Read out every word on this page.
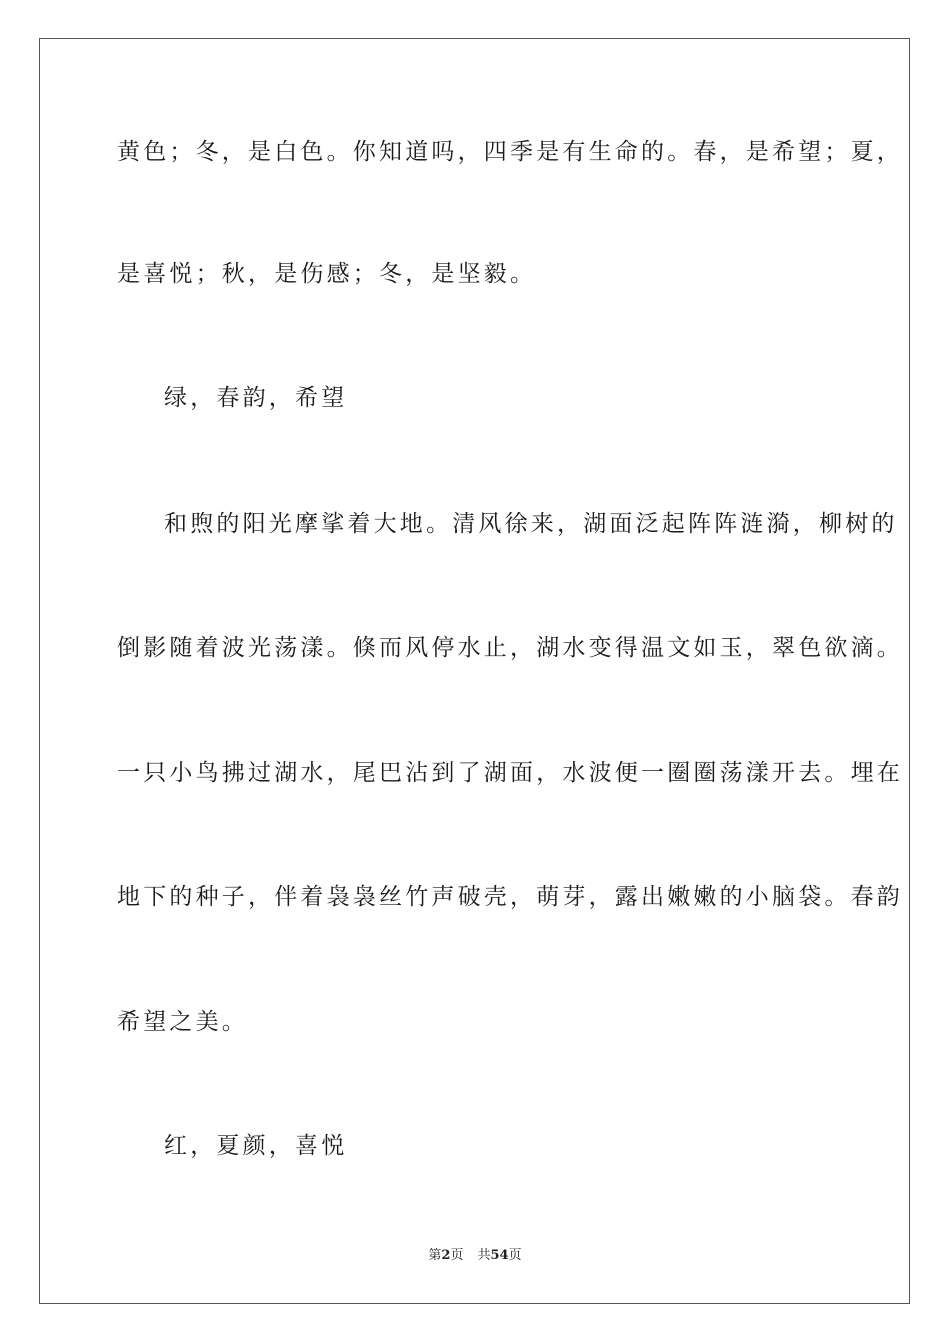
黄色；冬，是白色。你知道吗，四季是有生命的。春，是希望；夏，
是喜悦；秋，是伤感；冬，是坚毅。
绿，春韵，希望
和煦的阳光摩挲着大地。清风徐来，湖面泛起阵阵涟漪，柳树的
倒影随着波光荡漾。倏而风停水止，湖水变得温文如玉，翠色欲滴。
一只小鸟拂过湖水，尾巴沾到了湖面，水波便一圈圈荡漾开去。埋在
地下的种子，伴着袅袅丝竹声破壳，萌芽，露出嫩嫩的小脑袋。春韵
希望之美。
红，夏颜，喜悦
第2页 共54页
